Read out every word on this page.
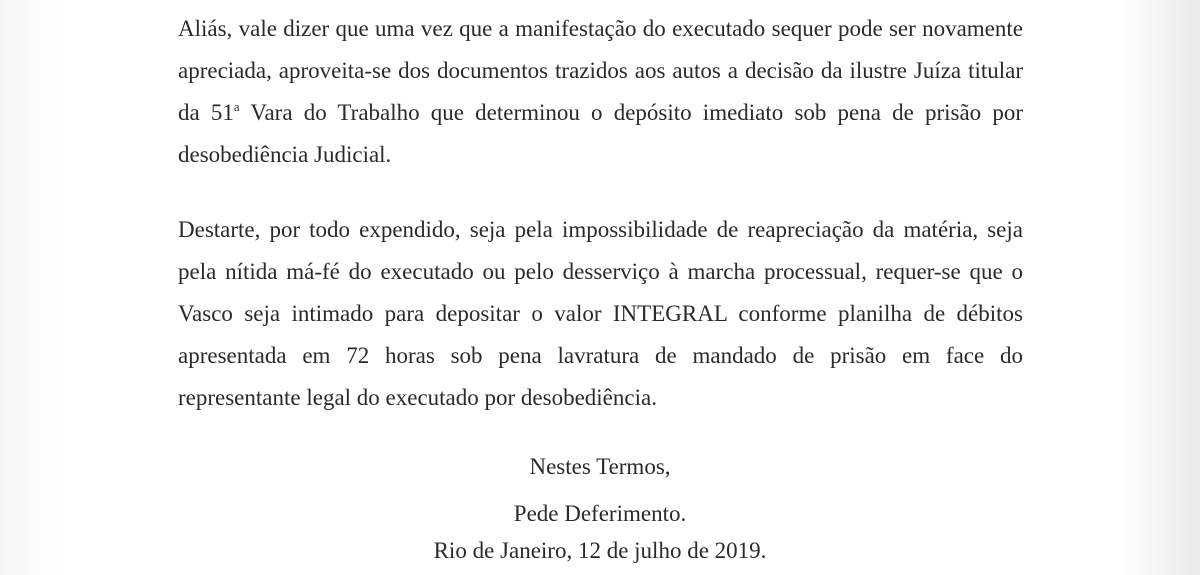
Aliás, vale dizer que uma vez que a manifestação do executado sequer pode ser novamente
apreciada, aproveita-se dos documentos trazidos aos autos a decisão da ilustre Juíza titular
da 51$^a$ Vara do Trabalho que determinou o depósito imediato sob pena de prisão por
desobediência Judicial.
Destarte, por todo expendido, seja pela impossibilidade de reapreciação da matéria, seja
pela nítida má-fé do executado ou pelo desserviço à marcha processual, requer-se que o
Vasco seja intimado para depositar o valor INTEGRAL conforme planilha de débitos
apresentada em 72 horas sob pena lavratura de mandado de prisão em face do
representante legal do executado por desobediência.

Nestes Termos,

Pede Deferimento.

Rio de Janeiro, 12 de julho de 2019.
